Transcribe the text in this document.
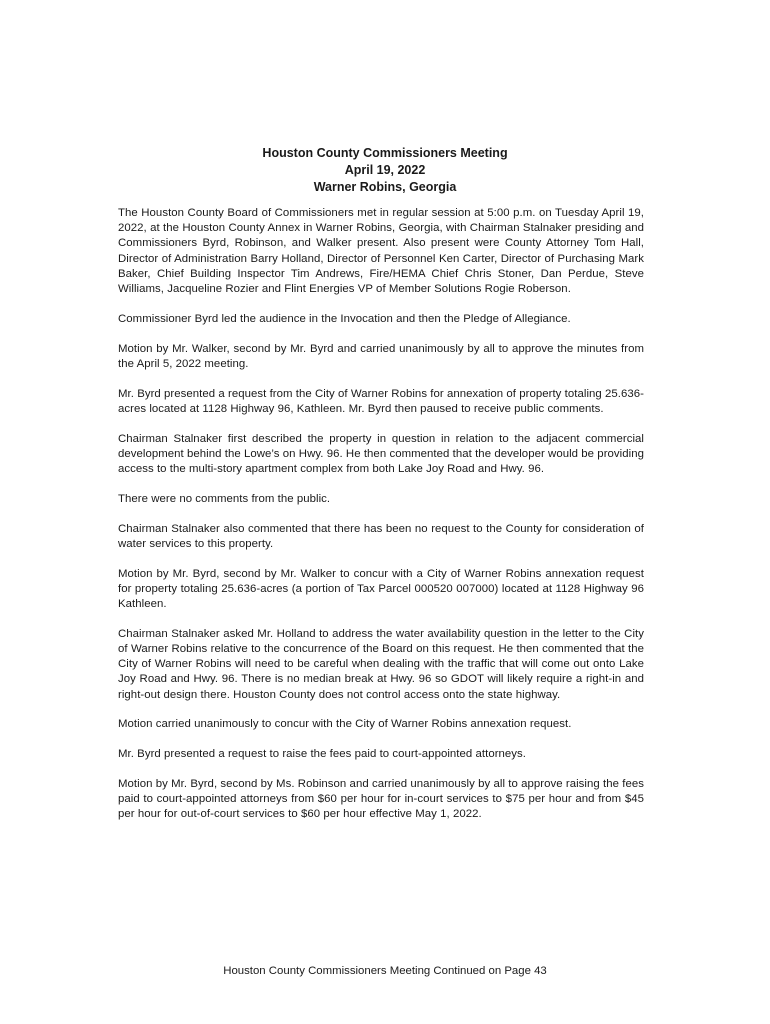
Houston County Commissioners Meeting
April 19, 2022
Warner Robins, Georgia

The Houston County Board of Commissioners met in regular session at 5:00 p.m. on Tuesday April 19, 2022, at the Houston County Annex in Warner Robins, Georgia, with Chairman Stalnaker presiding and Commissioners Byrd, Robinson, and Walker present. Also present were County Attorney Tom Hall, Director of Administration Barry Holland, Director of Personnel Ken Carter, Director of Purchasing Mark Baker, Chief Building Inspector Tim Andrews, Fire/HEMA Chief Chris Stoner, Dan Perdue, Steve Williams, Jacqueline Rozier and Flint Energies VP of Member Solutions Rogie Roberson.

Commissioner Byrd led the audience in the Invocation and then the Pledge of Allegiance.

Motion by Mr. Walker, second by Mr. Byrd and carried unanimously by all to approve the minutes from the April 5, 2022 meeting.

Mr. Byrd presented a request from the City of Warner Robins for annexation of property totaling 25.636-acres located at 1128 Highway 96, Kathleen. Mr. Byrd then paused to receive public comments.

Chairman Stalnaker first described the property in question in relation to the adjacent commercial development behind the Lowe’s on Hwy. 96. He then commented that the developer would be providing access to the multi-story apartment complex from both Lake Joy Road and Hwy. 96.

There were no comments from the public.

Chairman Stalnaker also commented that there has been no request to the County for consideration of water services to this property.

Motion by Mr. Byrd, second by Mr. Walker to concur with a City of Warner Robins annexation request for property totaling 25.636-acres (a portion of Tax Parcel 000520 007000) located at 1128 Highway 96 Kathleen.

Chairman Stalnaker asked Mr. Holland to address the water availability question in the letter to the City of Warner Robins relative to the concurrence of the Board on this request. He then commented that the City of Warner Robins will need to be careful when dealing with the traffic that will come out onto Lake Joy Road and Hwy. 96. There is no median break at Hwy. 96 so GDOT will likely require a right-in and right-out design there. Houston County does not control access onto the state highway.

Motion carried unanimously to concur with the City of Warner Robins annexation request.

Mr. Byrd presented a request to raise the fees paid to court-appointed attorneys.

Motion by Mr. Byrd, second by Ms. Robinson and carried unanimously by all to approve raising the fees paid to court-appointed attorneys from $60 per hour for in-court services to $75 per hour and from $45 per hour for out-of-court services to $60 per hour effective May 1, 2022.

Houston County Commissioners Meeting Continued on Page 43
